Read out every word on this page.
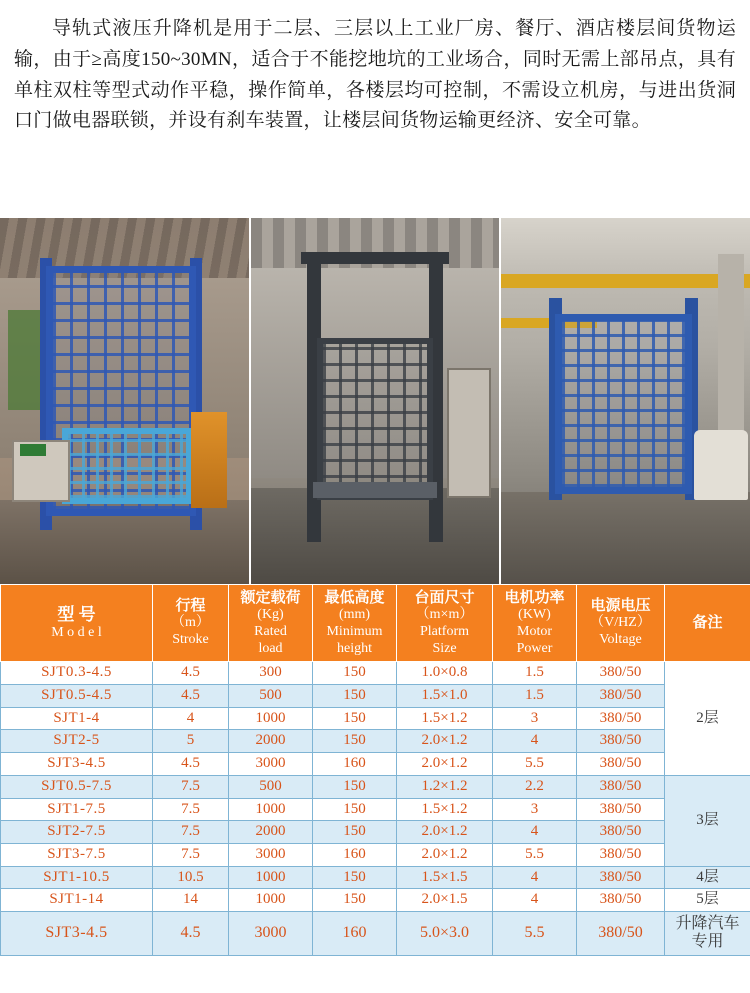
导轨式液压升降机是用于二层、三层以上工业厂房、餐厅、酒店楼层间货物运输，由于≥高度150~30MN，适合于不能挖地坑的工业场合，同时无需上部吊点，具有单柱双柱等型式动作平稳，操作简单，各楼层均可控制，不需设立机房，与进出货洞口门做电器联锁，并设有刹车装置，让楼层间货物运输更经济、安全可靠。
型 号
M o d e l	行程
（m）
Stroke	额定载荷
(Kg)
Rated
load	最低高度
(mm)
Minimum
height	台面尺寸
（m×m）
Platform
Size	电机功率
(KW)
Motor
Power	电源电压
（V/HZ）
Voltage	备注
SJT0.3-4.5	4.5	300	150	1.0×0.8	1.5	380/50	2层
SJT0.5-4.5	4.5	500	150	1.5×1.0	1.5	380/50	
SJT1-4	4	1000	150	1.5×1.2	3	380/50	
SJT2-5	5	2000	150	2.0×1.2	4	380/50	
SJT3-4.5	4.5	3000	160	2.0×1.2	5.5	380/50	
SJT0.5-7.5	7.5	500	150	1.2×1.2	2.2	380/50	3层
SJT1-7.5	7.5	1000	150	1.5×1.2	3	380/50	
SJT2-7.5	7.5	2000	150	2.0×1.2	4	380/50	
SJT3-7.5	7.5	3000	160	2.0×1.2	5.5	380/50	
SJT1-10.5	10.5	1000	150	1.5×1.5	4	380/50	4层
SJT1-14	14	1000	150	2.0×1.5	4	380/50	5层
SJT3-4.5	4.5	3000	160	5.0×3.0	5.5	380/50	升降汽车
专用
